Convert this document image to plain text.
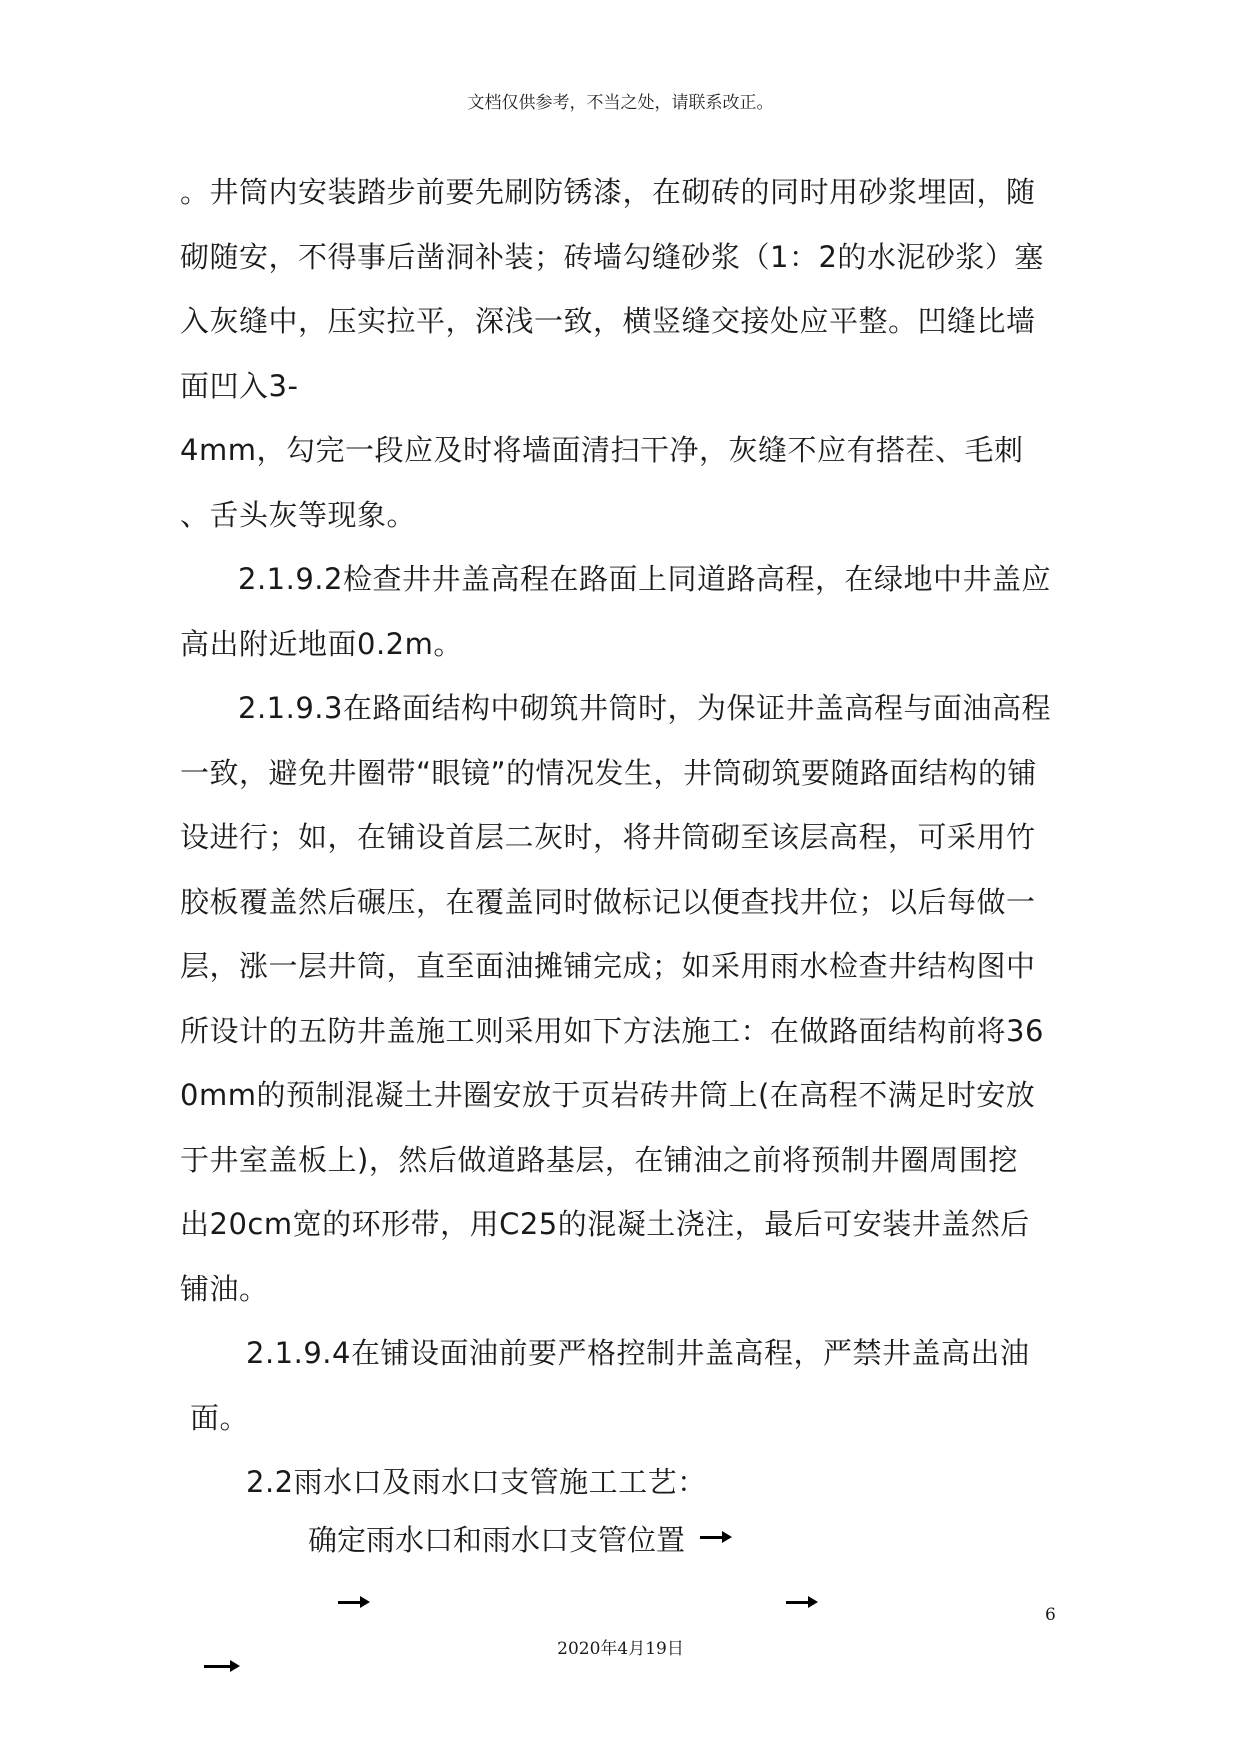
文档仅供参考，不当之处，请联系改正。
。井筒内安装踏步前要先刷防锈漆，在砌砖的同时用砂浆埋固，随
砌随安，不得事后凿洞补装；砖墙勾缝砂浆（1：2的水泥砂浆）塞
入灰缝中，压实拉平，深浅一致，横竖缝交接处应平整。凹缝比墙
面凹入3-
4mm，勾完一段应及时将墙面清扫干净，灰缝不应有搭茬、毛刺
、舌头灰等现象。
2.1.9.2检查井井盖高程在路面上同道路高程，在绿地中井盖应
高出附近地面0.2m。
2.1.9.3在路面结构中砌筑井筒时，为保证井盖高程与面油高程
一致，避免井圈带“眼镜”的情况发生，井筒砌筑要随路面结构的铺
设进行；如，在铺设首层二灰时，将井筒砌至该层高程，可采用竹
胶板覆盖然后碾压，在覆盖同时做标记以便查找井位；以后每做一
层，涨一层井筒，直至面油摊铺完成；如采用雨水检查井结构图中
所设计的五防井盖施工则采用如下方法施工：在做路面结构前将36
0mm的预制混凝土井圈安放于页岩砖井筒上(在高程不满足时安放
于井室盖板上)，然后做道路基层，在铺油之前将预制井圈周围挖
出20cm宽的环形带，用C25的混凝土浇注，最后可安装井盖然后
铺油。
2.1.9.4在铺设面油前要严格控制井盖高程，严禁井盖高出油
面。
2.2雨水口及雨水口支管施工工艺：
确定雨水口和雨水口支管位置
6
2020年4月19日
